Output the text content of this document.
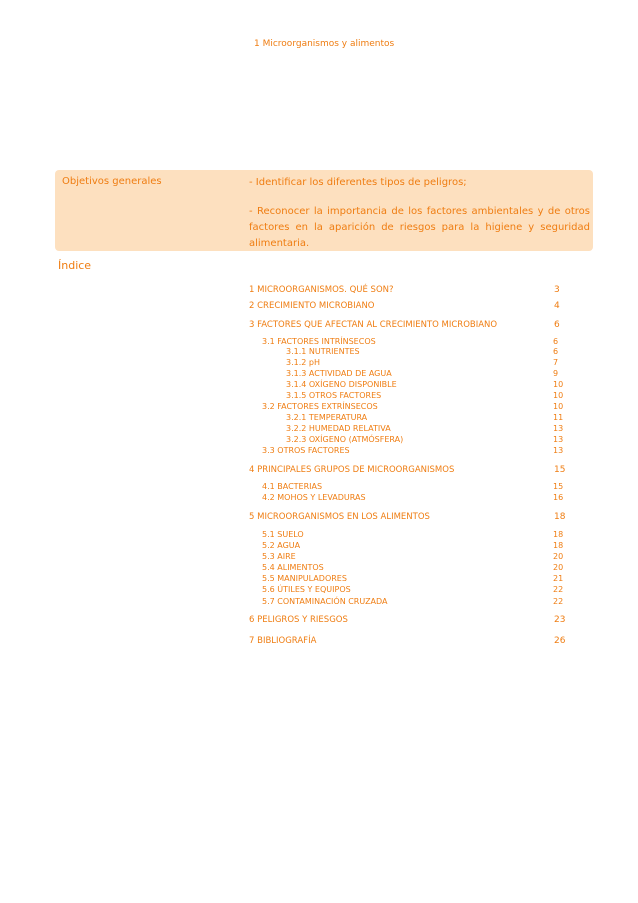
1 Microorganismos y alimentos
Objetivos generales	- Identificar los diferentes tipos de peligros;
- Reconocer la importancia de los factores ambientales y de otros factores en la aparición de riesgos para la higiene y seguridad alimentaria.
Índice
1 MICROORGANISMOS. QUÉ SON?	3
2 CRECIMIENTO MICROBIANO	4
3 FACTORES QUE AFECTAN AL CRECIMIENTO MICROBIANO	6
3.1 FACTORES INTRÍNSECOS	6
3.1.1 NUTRIENTES	6
3.1.2 pH	7
3.1.3 ACTIVIDAD DE AGUA	9
3.1.4 OXÍGENO DISPONIBLE	10
3.1.5 OTROS FACTORES	10
3.2 FACTORES EXTRÍNSECOS	10
3.2.1 TEMPERATURA	11
3.2.2 HUMEDAD RELATIVA	13
3.2.3 OXÍGENO (ATMÓSFERA)	13
3.3 OTROS FACTORES	13
4 PRINCIPALES GRUPOS DE MICROORGANISMOS	15
4.1 BACTERIAS	15
4.2 MOHOS Y LEVADURAS	16
5 MICROORGANISMOS EN LOS ALIMENTOS	18
5.1 SUELO	18
5.2 AGUA	18
5.3 AIRE	20
5.4 ALIMENTOS	20
5.5 MANIPULADORES	21
5.6 ÚTILES Y EQUIPOS	22
5.7 CONTAMINACIÓN CRUZADA	22
6 PELIGROS Y RIESGOS	23
7 BIBLIOGRAFÍA	26
